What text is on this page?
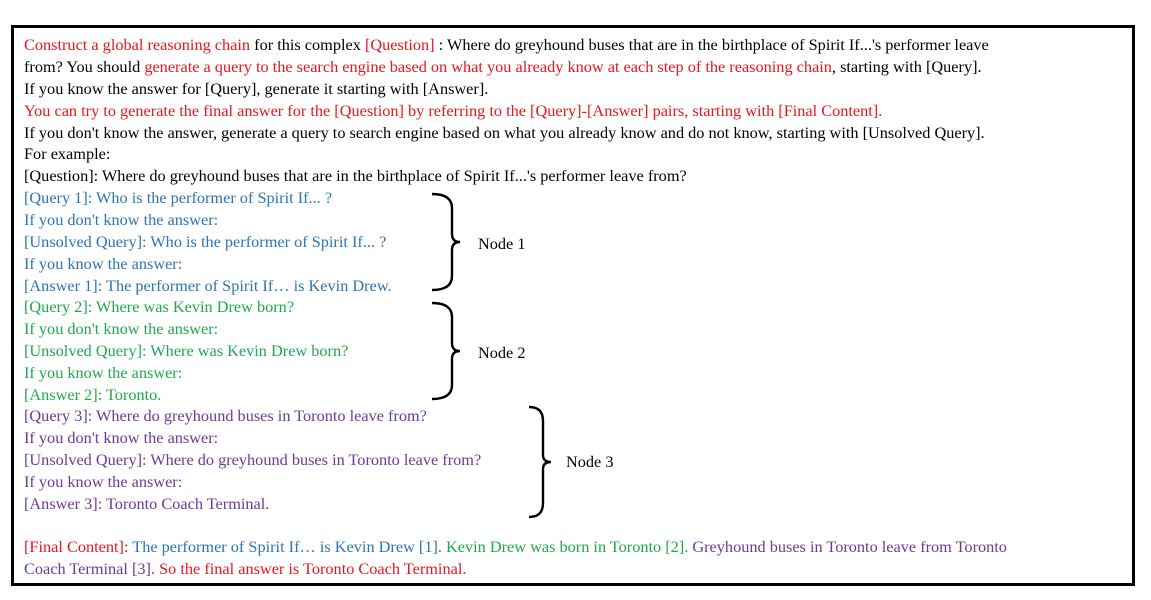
Construct a global reasoning chain for this complex [Question] : Where do greyhound buses that are in the birthplace of Spirit If...'s performer leave
from? You should generate a query to the search engine based on what you already know at each step of the reasoning chain, starting with [Query].
If you know the answer for [Query], generate it starting with [Answer].
You can try to generate the final answer for the [Question] by referring to the [Query]-[Answer] pairs, starting with [Final Content].
If you don't know the answer, generate a query to search engine based on what you already know and do not know, starting with [Unsolved Query].
For example:
[Question]: Where do greyhound buses that are in the birthplace of Spirit If...'s performer leave from?
[Query 1]: Who is the performer of Spirit If... ?
If you don't know the answer:
[Unsolved Query]: Who is the performer of Spirit If... ?
If you know the answer:
[Answer 1]: The performer of Spirit If… is Kevin Drew.
[Query 2]: Where was Kevin Drew born?
If you don't know the answer:
[Unsolved Query]: Where was Kevin Drew born?
If you know the answer:
[Answer 2]: Toronto.
[Query 3]: Where do greyhound buses in Toronto leave from?
If you don't know the answer:
[Unsolved Query]: Where do greyhound buses in Toronto leave from?
If you know the answer:
[Answer 3]: Toronto Coach Terminal.
Node 1
Node 2
Node 3
[Final Content]: The performer of Spirit If… is Kevin Drew [1]. Kevin Drew was born in Toronto [2]. Greyhound buses in Toronto leave from Toronto
Coach Terminal [3]. So the final answer is Toronto Coach Terminal.
